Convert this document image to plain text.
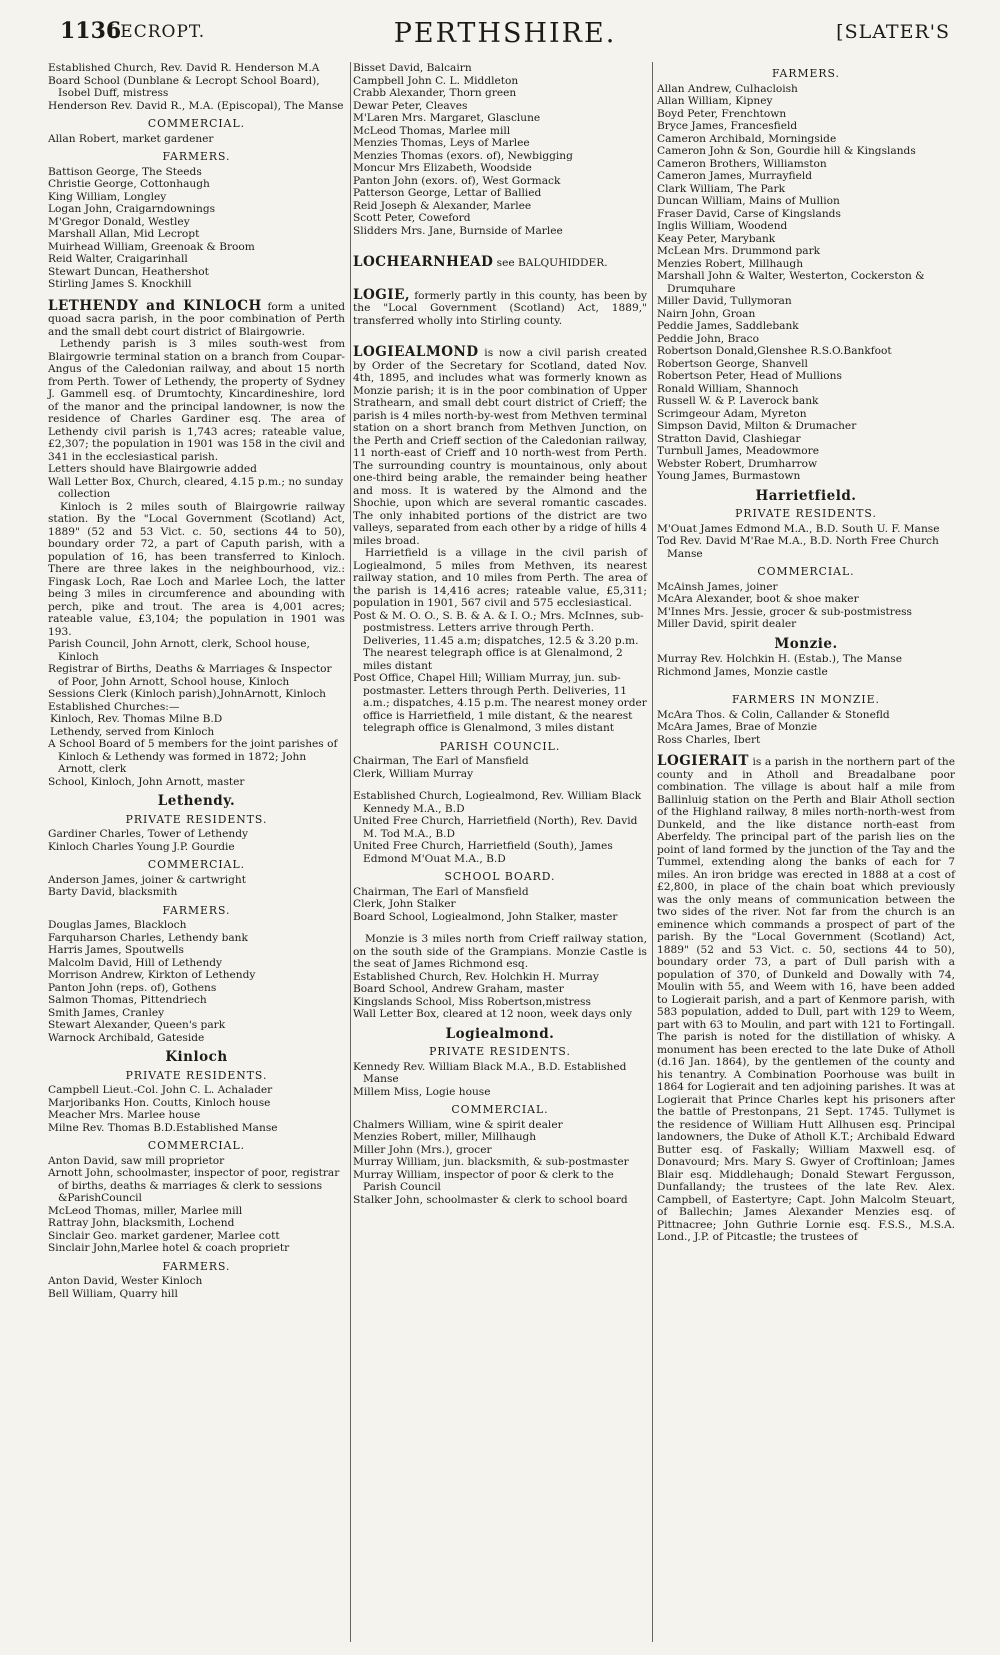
1136
LECROPT.	PERTHSHIRE.	[SLATER'S

Established Church, Rev. David R. Henderson M.A

Board School (Dunblane & Lecropt School Board), Isobel Duff, mistress

Henderson Rev. David R., M.A. (Episcopal), The Manse

COMMERCIAL.

Allan Robert, market gardener

FARMERS.

Battison George, The Steeds

Christie George, Cottonhaugh

King William, Longley

Logan John, Craigarndownings

M'Gregor Donald, Westley

Marshall Allan, Mid Lecropt

Muirhead William, Greenoak & Broom

Reid Walter, Craigarinhall

Stewart Duncan, Heathershot

Stirling James S. Knockhill

LETHENDY and KINLOCH form a united quoad sacra parish, in the poor combination of Perth and the small debt court district of Blairgowrie.

Lethendy parish is 3 miles south-west from Blairgowrie terminal station on a branch from Coupar-Angus of the Caledonian railway, and about 15 north from Perth. Tower of Lethendy, the property of Sydney J. Gammell esq. of Drumtochty, Kincardineshire, lord of the manor and the principal landowner, is now the residence of Charles Gardiner esq. The area of Lethendy civil parish is 1,743 acres; rateable value, £2,307; the population in 1901 was 158 in the civil and 341 in the ecclesiastical parish.

Letters should have Blairgowrie added

Wall Letter Box, Church, cleared, 4.15 p.m.; no sunday collection

Kinloch is 2 miles south of Blairgowrie railway station. By the "Local Government (Scotland) Act, 1889" (52 and 53 Vict. c. 50, sections 44 to 50), boundary order 72, a part of Caputh parish, with a population of 16, has been transferred to Kinloch. There are three lakes in the neighbourhood, viz.: Fingask Loch, Rae Loch and Marlee Loch, the latter being 3 miles in circumference and abounding with perch, pike and trout. The area is 4,001 acres; rateable value, £3,104; the population in 1901 was 193.

Parish Council, John Arnott, clerk, School house, Kinloch

Registrar of Births, Deaths & Marriages & Inspector of Poor, John Arnott, School house, Kinloch

Sessions Clerk (Kinloch parish),JohnArnott, Kinloch

Established Churches:—

Kinloch, Rev. Thomas Milne B.D

Lethendy, served from Kinloch

A School Board of 5 members for the joint parishes of Kinloch & Lethendy was formed in 1872; John Arnott, clerk

School, Kinloch, John Arnott, master

Lethendy.

PRIVATE RESIDENTS.

Gardiner Charles, Tower of Lethendy

Kinloch Charles Young J.P. Gourdie

COMMERCIAL.

Anderson James, joiner & cartwright

Barty David, blacksmith

FARMERS.

Douglas James, Blackloch

Farquharson Charles, Lethendy bank

Harris James, Spoutwells

Malcolm David, Hill of Lethendy

Morrison Andrew, Kirkton of Lethendy

Panton John (reps. of), Gothens

Salmon Thomas, Pittendriech

Smith James, Cranley

Stewart Alexander, Queen's park

Warnock Archibald, Gateside

Kinloch

PRIVATE RESIDENTS.

Campbell Lieut.-Col. John C. L. Achalader

Marjoribanks Hon. Coutts, Kinloch house

Meacher Mrs. Marlee house

Milne Rev. Thomas B.D.Established Manse

COMMERCIAL.

Anton David, saw mill proprietor

Arnott John, schoolmaster, inspector of poor, registrar of births, deaths & marriages & clerk to sessions &ParishCouncil

McLeod Thomas, miller, Marlee mill

Rattray John, blacksmith, Lochend

Sinclair Geo. market gardener, Marlee cott

Sinclair John,Marlee hotel & coach proprietr

FARMERS.

Anton David, Wester Kinloch

Bell William, Quarry hill

Bisset David, Balcairn

Campbell John C. L. Middleton

Crabb Alexander, Thorn green

Dewar Peter, Cleaves

M'Laren Mrs. Margaret, Glasclune

McLeod Thomas, Marlee mill

Menzies Thomas, Leys of Marlee

Menzies Thomas (exors. of), Newbigging

Moncur Mrs Elizabeth, Woodside

Panton John (exors. of), West Gormack

Patterson George, Lettar of Ballied

Reid Joseph & Alexander, Marlee

Scott Peter, Coweford

Slidders Mrs. Jane, Burnside of Marlee

LOCHEARNHEAD see BALQUHIDDER.

LOGIE, formerly partly in this county, has been by the "Local Government (Scotland) Act, 1889," transferred wholly into Stirling county.

LOGIEALMOND is now a civil parish created by Order of the Secretary for Scotland, dated Nov. 4th, 1895, and includes what was formerly known as Monzie parish; it is in the poor combination of Upper Strathearn, and small debt court district of Crieff; the parish is 4 miles north-by-west from Methven terminal station on a short branch from Methven Junction, on the Perth and Crieff section of the Caledonian railway, 11 north-east of Crieff and 10 north-west from Perth. The surrounding country is mountainous, only about one-third being arable, the remainder being heather and moss. It is watered by the Almond and the Shochie, upon which are several romantic cascades. The only inhabited portions of the district are two valleys, separated from each other by a ridge of hills 4 miles broad.

Harrietfield is a village in the civil parish of Logiealmond, 5 miles from Methven, its nearest railway station, and 10 miles from Perth. The area of the parish is 14,416 acres; rateable value, £5,311; population in 1901, 567 civil and 575 ecclesiastical.

Post & M. O. O., S. B. & A. & I. O.; Mrs. McInnes, sub-postmistress. Letters arrive through Perth. Deliveries, 11.45 a.m; dispatches, 12.5 & 3.20 p.m. The nearest telegraph office is at Glenalmond, 2 miles distant

Post Office, Chapel Hill; William Murray, jun. sub-postmaster. Letters through Perth. Deliveries, 11 a.m.; dispatches, 4.15 p.m. The nearest money order office is Harrietfield, 1 mile distant, & the nearest telegraph office is Glenalmond, 3 miles distant

PARISH COUNCIL.

Chairman, The Earl of Mansfield

Clerk, William Murray

Established Church, Logiealmond, Rev. William Black Kennedy M.A., B.D

United Free Church, Harrietfield (North), Rev. David M. Tod M.A., B.D

United Free Church, Harrietfield (South), James Edmond M'Ouat M.A., B.D

SCHOOL BOARD.

Chairman, The Earl of Mansfield

Clerk, John Stalker

Board School, Logiealmond, John Stalker, master

Monzie is 3 miles north from Crieff railway station, on the south side of the Grampians. Monzie Castle is the seat of James Richmond esq.

Established Church, Rev. Holchkin H. Murray

Board School, Andrew Graham, master

Kingslands School, Miss Robertson,mistress

Wall Letter Box, cleared at 12 noon, week days only

Logiealmond.

PRIVATE RESIDENTS.

Kennedy Rev. William Black M.A., B.D. Established Manse

Millem Miss, Logie house

COMMERCIAL.

Chalmers William, wine & spirit dealer

Menzies Robert, miller, Millhaugh

Miller John (Mrs.), grocer

Murray William, jun. blacksmith, & sub-postmaster

Murray William, inspector of poor & clerk to the Parish Council

Stalker John, schoolmaster & clerk to school board

FARMERS.

Allan Andrew, Culhacloish

Allan William, Kipney

Boyd Peter, Frenchtown

Bryce James, Francesfield

Cameron Archibald, Morningside

Cameron John & Son, Gourdie hill & Kingslands

Cameron Brothers, Williamston

Cameron James, Murrayfield

Clark William, The Park

Duncan William, Mains of Mullion

Fraser David, Carse of Kingslands

Inglis William, Woodend

Keay Peter, Marybank

McLean Mrs. Drummond park

Menzies Robert, Millhaugh

Marshall John & Walter, Westerton, Cockerston & Drumquhare

Miller David, Tullymoran

Nairn John, Groan

Peddie James, Saddlebank

Peddie John, Braco

Robertson Donald,Glenshee R.S.O.Bankfoot

Robertson George, Shanvell

Robertson Peter, Head of Mullions

Ronald William, Shannoch

Russell W. & P. Laverock bank

Scrimgeour Adam, Myreton

Simpson David, Milton & Drumacher

Stratton David, Clashiegar

Turnbull James, Meadowmore

Webster Robert, Drumharrow

Young James, Burmastown

Harrietfield.

PRIVATE RESIDENTS.

M'Ouat James Edmond M.A., B.D. South U. F. Manse

Tod Rev. David M'Rae M.A., B.D. North Free Church Manse

COMMERCIAL.

McAinsh James, joiner

McAra Alexander, boot & shoe maker

M'Innes Mrs. Jessie, grocer & sub-postmistress

Miller David, spirit dealer

Monzie.

Murray Rev. Holchkin H. (Estab.), The Manse

Richmond James, Monzie castle

FARMERS IN MONZIE.

McAra Thos. & Colin, Callander & Stonefld

McAra James, Brae of Monzie

Ross Charles, Ibert

LOGIERAIT is a parish in the northern part of the county and in Atholl and Breadalbane poor combination. The village is about half a mile from Ballinluig station on the Perth and Blair Atholl section of the Highland railway, 8 miles north-north-west from Dunkeld, and the like distance north-east from Aberfeldy. The principal part of the parish lies on the point of land formed by the junction of the Tay and the Tummel, extending along the banks of each for 7 miles. An iron bridge was erected in 1888 at a cost of £2,800, in place of the chain boat which previously was the only means of communication between the two sides of the river. Not far from the church is an eminence which commands a prospect of part of the parish. By the "Local Government (Scotland) Act, 1889" (52 and 53 Vict. c. 50, sections 44 to 50), boundary order 73, a part of Dull parish with a population of 370, of Dunkeld and Dowally with 74, Moulin with 55, and Weem with 16, have been added to Logierait parish, and a part of Kenmore parish, with 583 population, added to Dull, part with 129 to Weem, part with 63 to Moulin, and part with 121 to Fortingall. The parish is noted for the distillation of whisky. A monument has been erected to the late Duke of Atholl (d.16 Jan. 1864), by the gentlemen of the county and his tenantry. A Combination Poorhouse was built in 1864 for Logierait and ten adjoining parishes. It was at Logierait that Prince Charles kept his prisoners after the battle of Prestonpans, 21 Sept. 1745. Tullymet is the residence of William Hutt Allhusen esq. Principal landowners, the Duke of Atholl K.T.; Archibald Edward Butter esq. of Faskally; William Maxwell esq. of Donavourd; Mrs. Mary S. Gwyer of Croftinloan; James Blair esq. Middlehaugh; Donald Stewart Fergusson, Dunfallandy; the trustees of the late Rev. Alex. Campbell, of Eastertyre; Capt. John Malcolm Steuart, of Ballechin; James Alexander Menzies esq. of Pittnacree; John Guthrie Lornie esq. F.S.S., M.S.A. Lond., J.P. of Pitcastle; the trustees of
